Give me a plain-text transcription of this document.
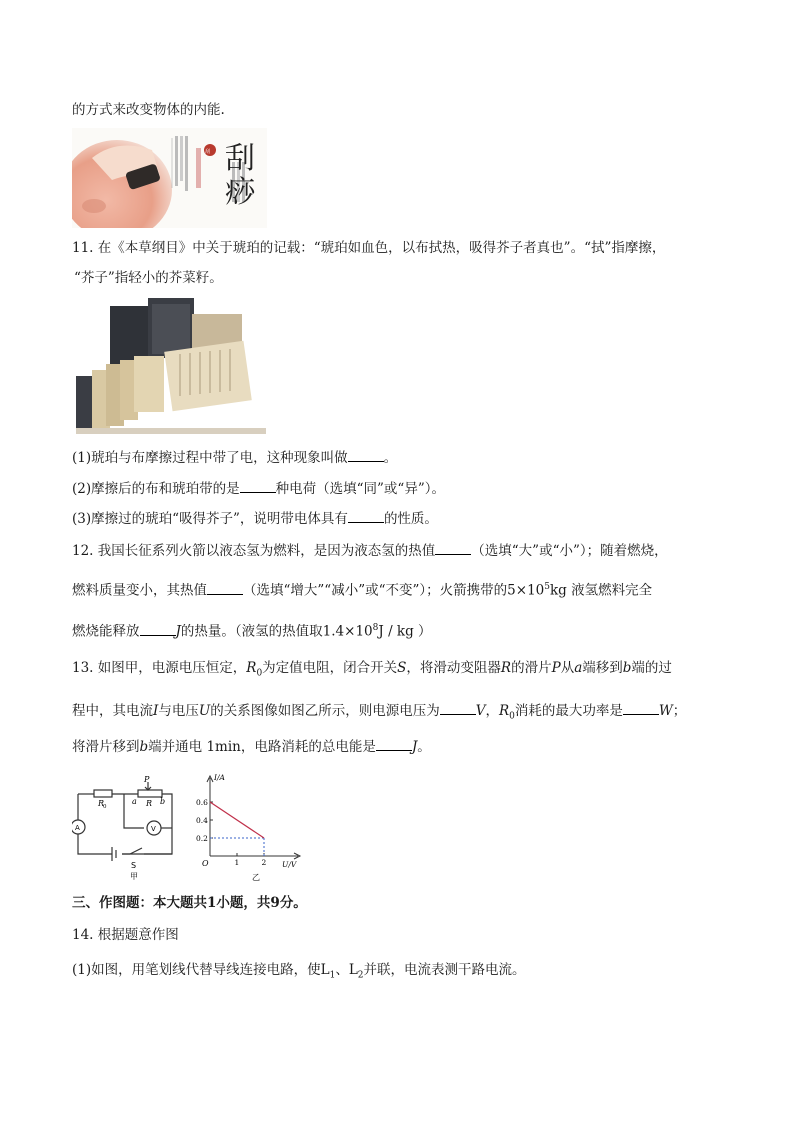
的方式来改变物体的内能.
刮 刮痧
11. 在《本草纲目》中关于琥珀的记载：“琥珀如血色，以布拭热，吸得芥子者真也”。“拭”指摩擦，
“芥子”指轻小的芥菜籽。
(1)琥珀与布摩擦过程中带了电，这种现象叫做	。
(2)摩擦后的布和琥珀带的是	种电荷（选填“同”或“异”）。
(3)摩擦过的琥珀“吸得芥子”，说明带电体具有	的性质。
12. 我国长征系列火箭以液态氢为燃料，是因为液态氢的热值	（选填“大”或“小”）；随着燃烧，
燃料质量变小，其热值	（选填“增大”“减小”或“不变”）；火箭携带的$5\times 10^5kg$ 液氢燃料完全
燃烧能释放	J的热量。（液氢的热值取$1.4\times 10^8J$ / kg ）
13. 如图甲，电源电压恒定，$R_0$为定值电阻，闭合开关S，将滑动变阻器R的滑片P从a端移到b端的过
程中，其电流I与电压U的关系图像如图乙所示，则电源电压为	V，$R_0$消耗的最大功率是	W；
将滑片移到b端并通电 1min，电路消耗的总电能是	J。
R
0
P
a R b
A	V
S
甲
1	2
0.6
0.4
0.2
I/A
U/V
O
乙
三、作图题：本大题共1小题，共9分。
14. 根据题意作图
(1)如图，用笔划线代替导线连接电路，使$L_1$、$L_2$并联，电流表测干路电流。
